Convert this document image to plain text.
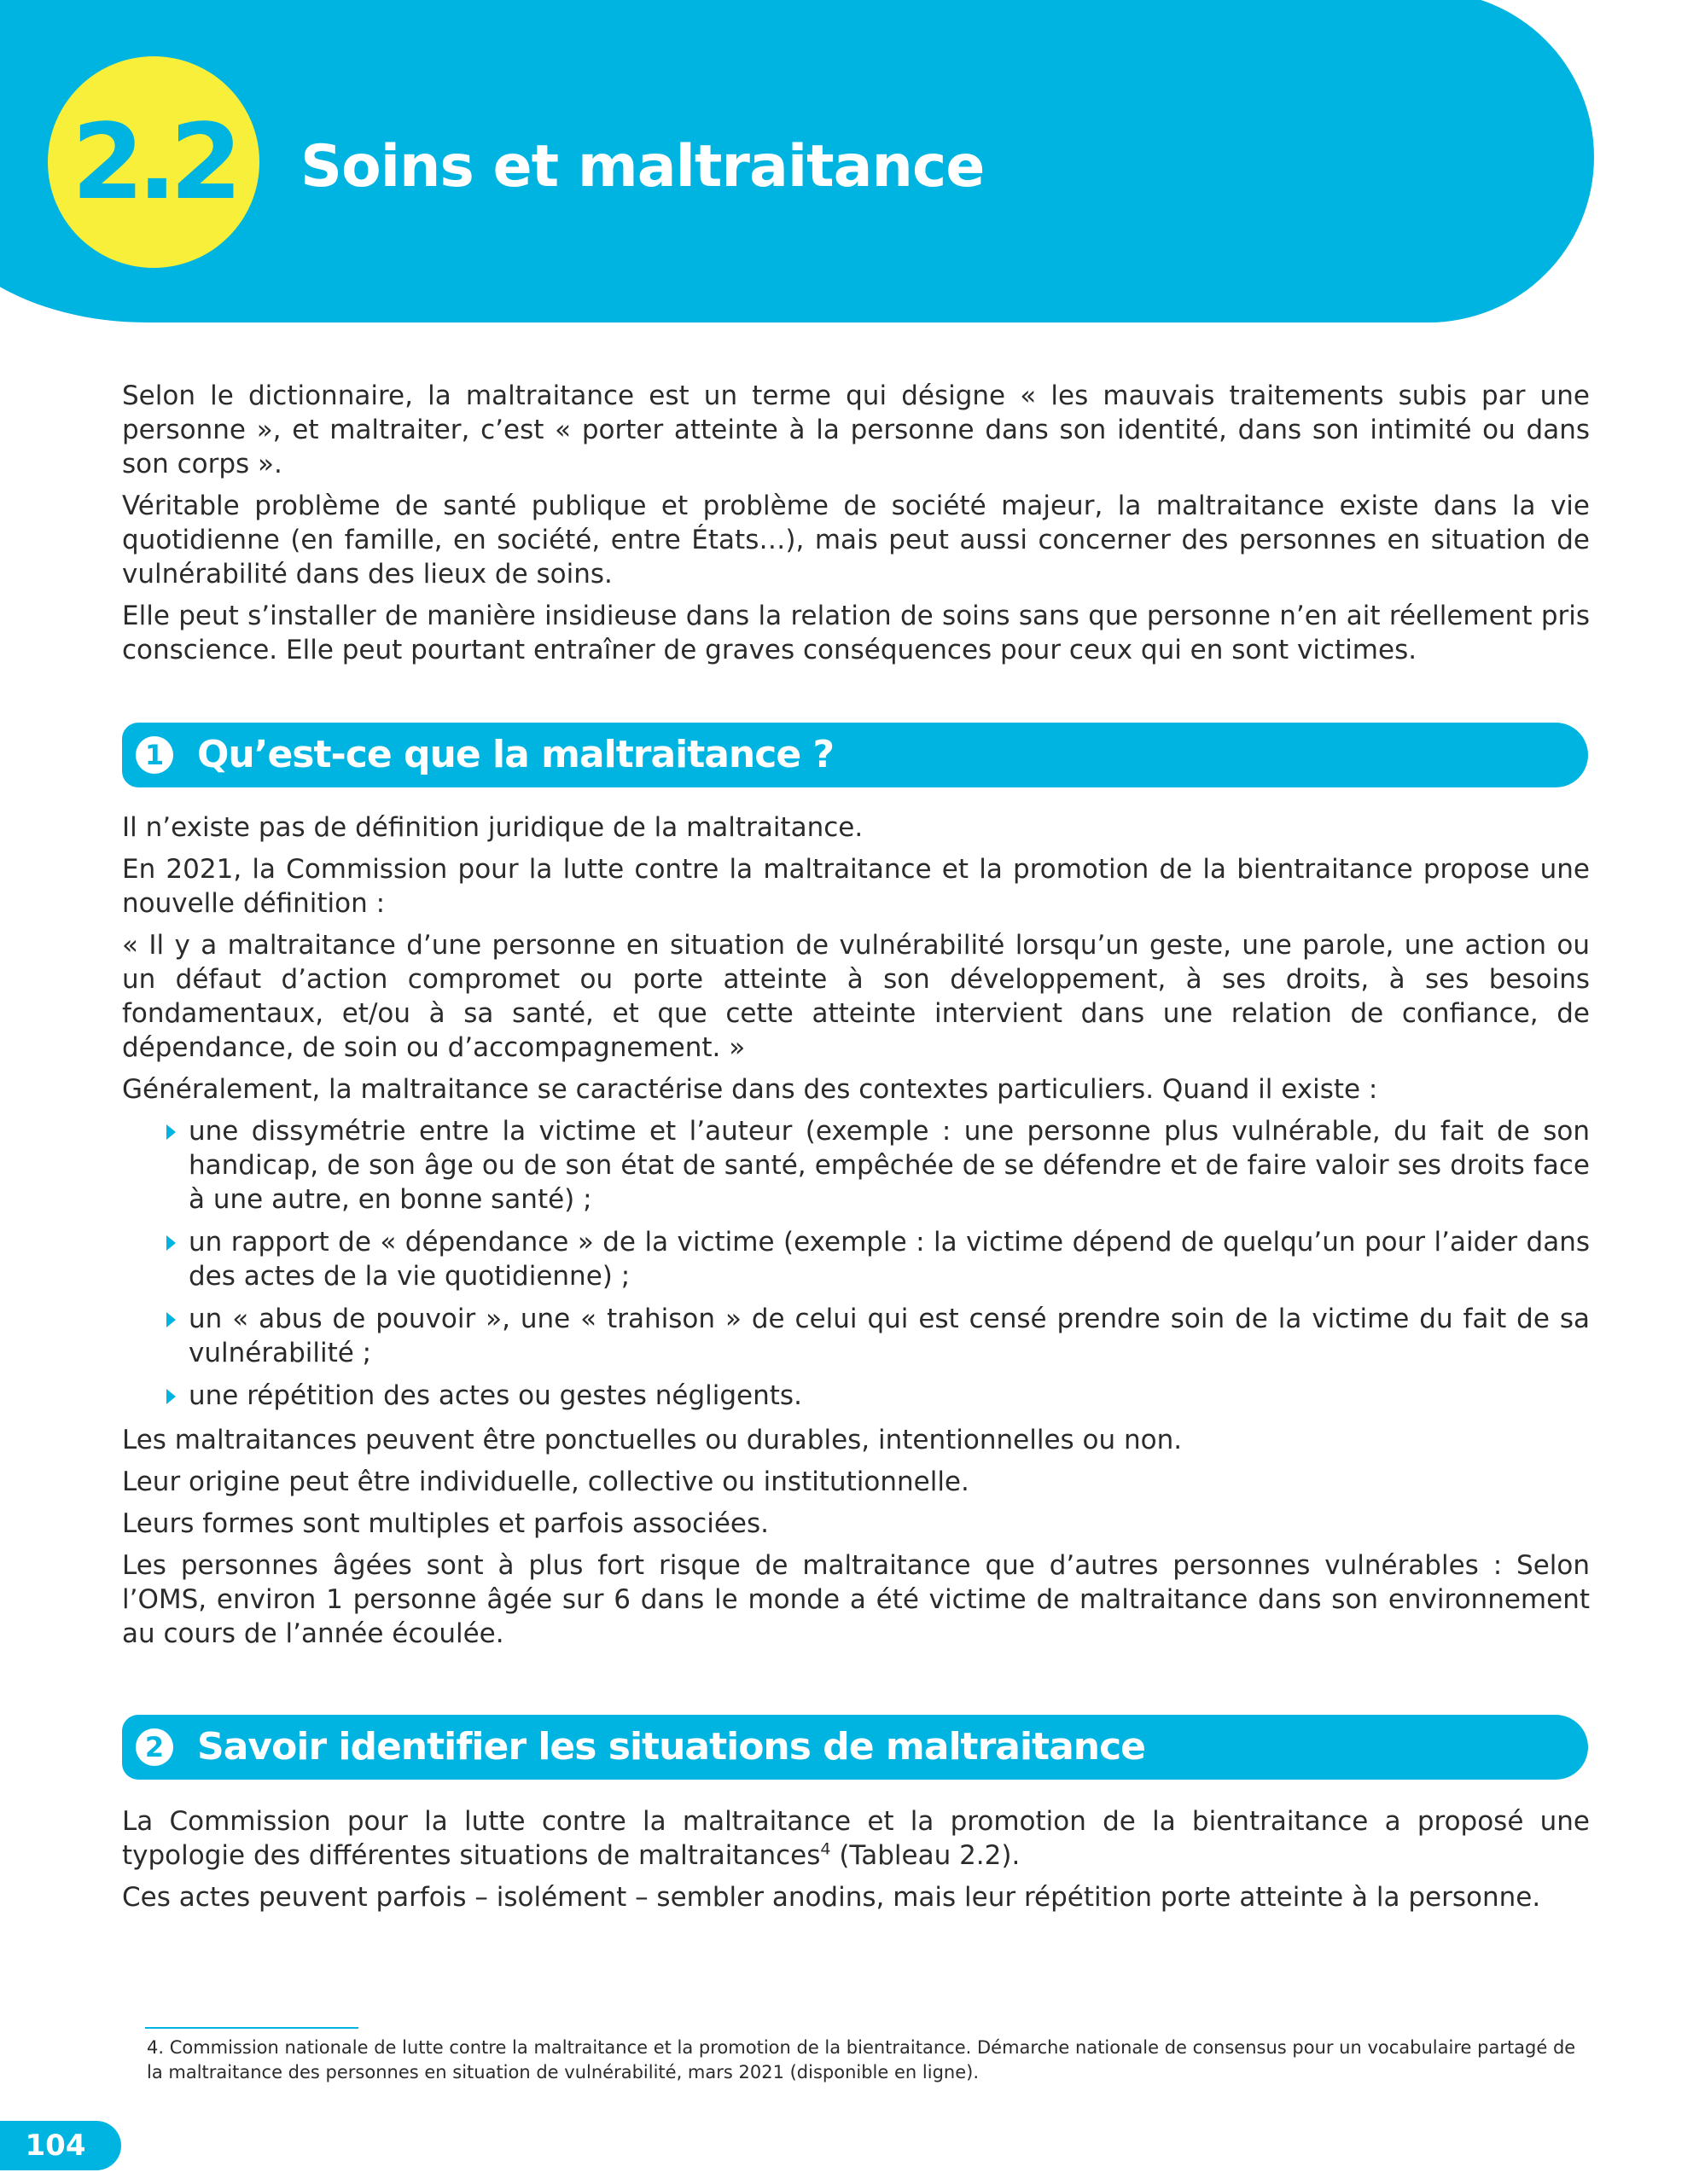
2.2 Soins et maltraitance

Selon le dictionnaire, la maltraitance est un terme qui désigne « les mauvais traitements subis par une personne », et maltraiter, c’est « porter atteinte à la personne dans son identité, dans son intimité ou dans son corps ».

Véritable problème de santé publique et problème de société majeur, la maltraitance existe dans la vie quotidienne (en famille, en société, entre États…), mais peut aussi concerner des personnes en situation de vulnérabilité dans des lieux de soins.

Elle peut s’installer de manière insidieuse dans la relation de soins sans que personne n’en ait réellement pris conscience. Elle peut pourtant entraîner de graves conséquences pour ceux qui en sont victimes.

1 Qu’est-ce que la maltraitance ?

Il n’existe pas de définition juridique de la maltraitance.

En 2021, la Commission pour la lutte contre la maltraitance et la promotion de la bientraitance propose une nouvelle définition :

« Il y a maltraitance d’une personne en situation de vulnérabilité lorsqu’un geste, une parole, une action ou un défaut d’action compromet ou porte atteinte à son développement, à ses droits, à ses besoins fondamentaux, et/ou à sa santé, et que cette atteinte intervient dans une relation de confiance, de dépendance, de soin ou d’accompagnement. »

Généralement, la maltraitance se caractérise dans des contextes particuliers. Quand il existe :

une dissymétrie entre la victime et l’auteur (exemple : une personne plus vulnérable, du fait de son handicap, de son âge ou de son état de santé, empêchée de se défendre et de faire valoir ses droits face à une autre, en bonne santé) ;
un rapport de « dépendance » de la victime (exemple : la victime dépend de quelqu’un pour l’aider dans des actes de la vie quotidienne) ;
un « abus de pouvoir », une « trahison » de celui qui est censé prendre soin de la victime du fait de sa vulnérabilité ;
une répétition des actes ou gestes négligents.

Les maltraitances peuvent être ponctuelles ou durables, intentionnelles ou non.

Leur origine peut être individuelle, collective ou institutionnelle.

Leurs formes sont multiples et parfois associées.

Les personnes âgées sont à plus fort risque de maltraitance que d’autres personnes vulnérables : Selon l’OMS, environ 1 personne âgée sur 6 dans le monde a été victime de maltraitance dans son environnement au cours de l’année écoulée.

2 Savoir identifier les situations de maltraitance

La Commission pour la lutte contre la maltraitance et la promotion de la bientraitance a proposé une typologie des différentes situations de maltraitances$^4$ (Tableau 2.2).

Ces actes peuvent parfois – isolément – sembler anodins, mais leur répétition porte atteinte à la personne.

4. Commission nationale de lutte contre la maltraitance et la promotion de la bientraitance. Démarche nationale de consensus pour un vocabulaire partagé de la maltraitance des personnes en situation de vulnérabilité, mars 2021 (disponible en ligne).

104
